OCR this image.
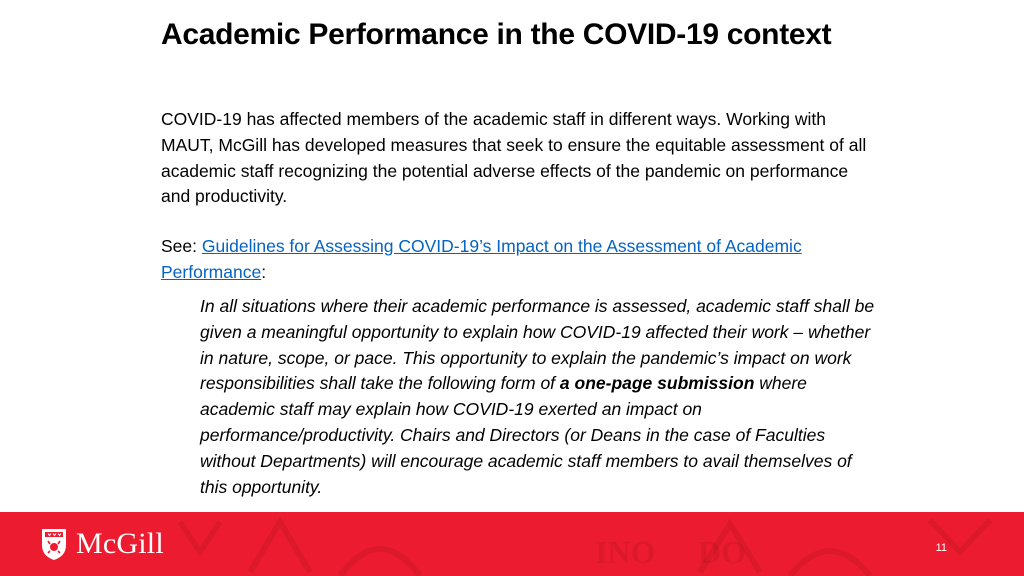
Academic Performance in the COVID-19 context

COVID-19 has affected members of the academic staff in different ways. Working with MAUT, McGill has developed measures that seek to ensure the equitable assessment of all academic staff recognizing the potential adverse effects of the pandemic on performance and productivity.

See: Guidelines for Assessing COVID-19’s Impact on the Assessment of Academic Performance:

In all situations where their academic performance is assessed, academic staff shall be given a meaningful opportunity to explain how COVID-19 affected their work – whether in nature, scope, or pace. This opportunity to explain the pandemic’s impact on work responsibilities shall take the following form of a one-page submission where academic staff may explain how COVID-19 exerted an impact on performance/productivity. Chairs and Directors (or Deans in the case of Faculties without Departments) will encourage academic staff members to avail themselves of this opportunity.

INO DO
McGill	11
